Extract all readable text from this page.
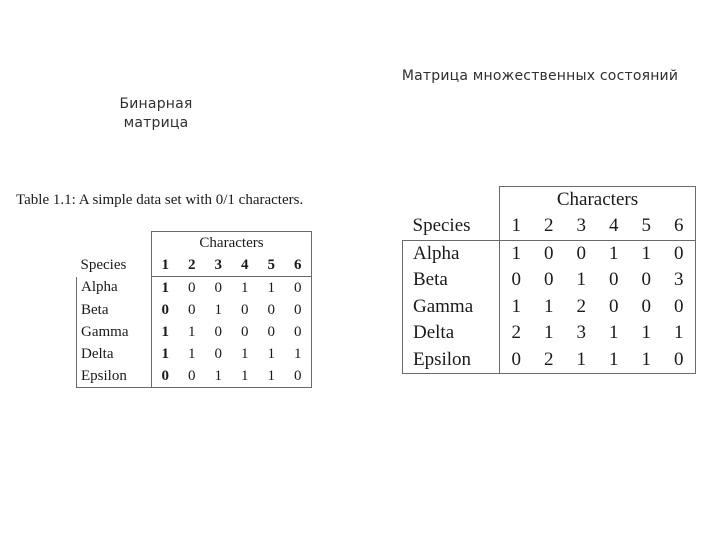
Бинарная матрица
Матрица множественных состояний
Table 1.1: A simple data set with 0/1 characters.
	Characters					
Species	1	2	3	4	5	6
Alpha	1	0	0	1	1	0
Beta	0	0	1	0	0	0
Gamma	1	1	0	0	0	0
Delta	1	1	0	1	1	1
Epsilon	0	0	1	1	1	0
	Characters					
Species	1	2	3	4	5	6
Alpha	1	0	0	1	1	0
Beta	0	0	1	0	0	3
Gamma	1	1	2	0	0	0
Delta	2	1	3	1	1	1
Epsilon	0	2	1	1	1	0
